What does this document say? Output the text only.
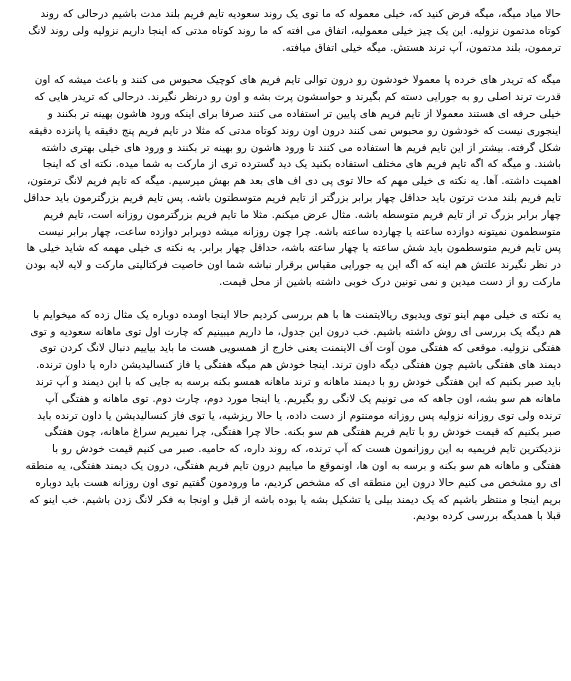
حالا میاد میگه، میگه فرض کنید که، خیلی معموله که ما توی یک روند سعودیه تایم فریم بلند مدت باشیم درحالی که روند کوتاه مدتمون نزولیه. این یک چیز خیلی معمولیه، اتفاق می افته که ما روند کوتاه مدتی که اینجا داریم نزولیه ولی روند لانگ ترممون، بلند مدتمون، آپ ترند هستش. میگه خیلی اتفاق میافته.

میگه که تریدر های خرده پا معمولا خودشون رو درون توالی تایم فریم های کوچیک محبوس می کنند و باعث میشه که اون قدرت ترند اصلی رو به جورایی دسته کم بگیرند و حواسشون پرت بشه و اون رو درنظر نگیرند. درحالی که تریدر هایی که خیلی حرفه ای هستند معمولا از تایم فریم های پایین تر استفاده می کنند صرفا برای اینکه ورود هاشون بهینه تر بکنند و اینجوری نیست که خودشون رو محبوس نمی کنند درون اون روند کوتاه مدتی که مثلا در تایم فریم پنج دقیقه یا پانزده دقیقه شکل گرفته. بیشتر از این تایم فریم ها استفاده می کنند تا ورود هاشون رو بهینه تر بکنند و ورود های خیلی بهتری داشته باشند. و میگه که اگه تایم فریم های مختلف استفاده بکنید یک دید گسترده تری از مارکت به شما میده. نکته ای که اینجا اهمیت داشته. آها. یه نکته ی خیلی مهم که حالا توی پی دی اف های بعد هم بهش میرسیم. میگه که تایم فریم لانگ ترمتون، تایم فریم بلند مدت ترتون باید حداقل چهار برابر بزرگتر از تایم فریم متوسطتون باشه. پس تایم فریم بزرگترمون باید حداقل چهار برابر بزرگ تر از تایم فریم متوسطه باشه. مثال عرض میکنم. مثلا ما تایم فریم بزرگترمون روزانه است، تایم فریم متوسطمون نمیتونه دوازده ساعته یا چهارده ساعته باشه. چرا چون روزانه میشه دوبرابر دوازده ساعت، چهار برابر نیست پس تایم فریم متوسطمون باید شش ساعته یا چهار ساعته باشه، حداقل چهار برابر. یه نکته ی خیلی مهمه که شاید خیلی ها در نظر نگیرند علتش هم اینه که اگه این یه جورایی مقیاس برقرار نباشه شما اون خاصیت فرکتالیتی مارکت و لایه لایه بودن مارکت رو از دست میدین و نمی تونین درک خوبی داشته باشین از محل قیمت.

یه نکته ی خیلی مهم اینو توی ویدیوی ریالایتمنت ها با هم بررسی کردیم حالا اینجا اومده دوباره یک مثال زده که میخوایم با هم دیگه یک بررسی ای روش داشته باشیم. خب درون این جدول، ما داریم میبینیم که چارت اول توی ماهانه سعودیه و توی هفتگی نزولیه. موقعی که هفتگی مون آوت آف الاینمنت یعنی خارج از همسویی هست ما باید بیاییم دنبال لانگ کردن توی دیمند های هفتگی باشیم چون هفتگی دیگه داون ترند. اینجا خودش هم میگه هفتگی یا فاز کنسالیدیشن داره یا داون ترنده. باید صبر بکنیم که این هفتگی خودش رو با دیمند ماهانه و ترند ماهانه همسو بکنه برسه به جایی که با این دیمند و آپ ترند ماهانه هم سو بشه، اون جاهه که می تونیم یک لانگی رو بگیریم. یا اینجا مورد دوم، چارت دوم. توی ماهانه و هفتگی آپ ترنده ولی توی روزانه نزولیه پس روزانه مومنتوم از دست داده، یا حالا ریزشیه، یا توی فاز کنسالیدیشن یا داون ترنده باید صبر بکنیم که قیمت خودش رو با تایم فریم هفتگی هم سو بکنه. حالا چرا هفتگی، چرا نمیریم سراغ ماهانه، چون هفتگی نزدیکترین تایم فریمیه به این روزانمون هست که آپ ترنده، که روند داره، که حامیه. صبر می کنیم قیمت خودش رو با هفتگی و ماهانه هم سو بکنه و برسه به اون ها، اونموقع ما میاییم درون تایم فریم هفتگی، درون یک دیمند هفتگی، یه منطقه ای رو مشخص می کنیم حالا درون این منطقه ای که مشخص کردیم، ما ورودمون گفتیم توی اون روزانه هست باید دوباره بریم اینجا و منتظر باشیم که یک دیمند بیلی یا تشکیل بشه یا بوده باشه از قبل و اونجا به فکر لانگ زدن باشیم. خب اینو که قبلا با همدیگه بررسی کرده بودیم.
